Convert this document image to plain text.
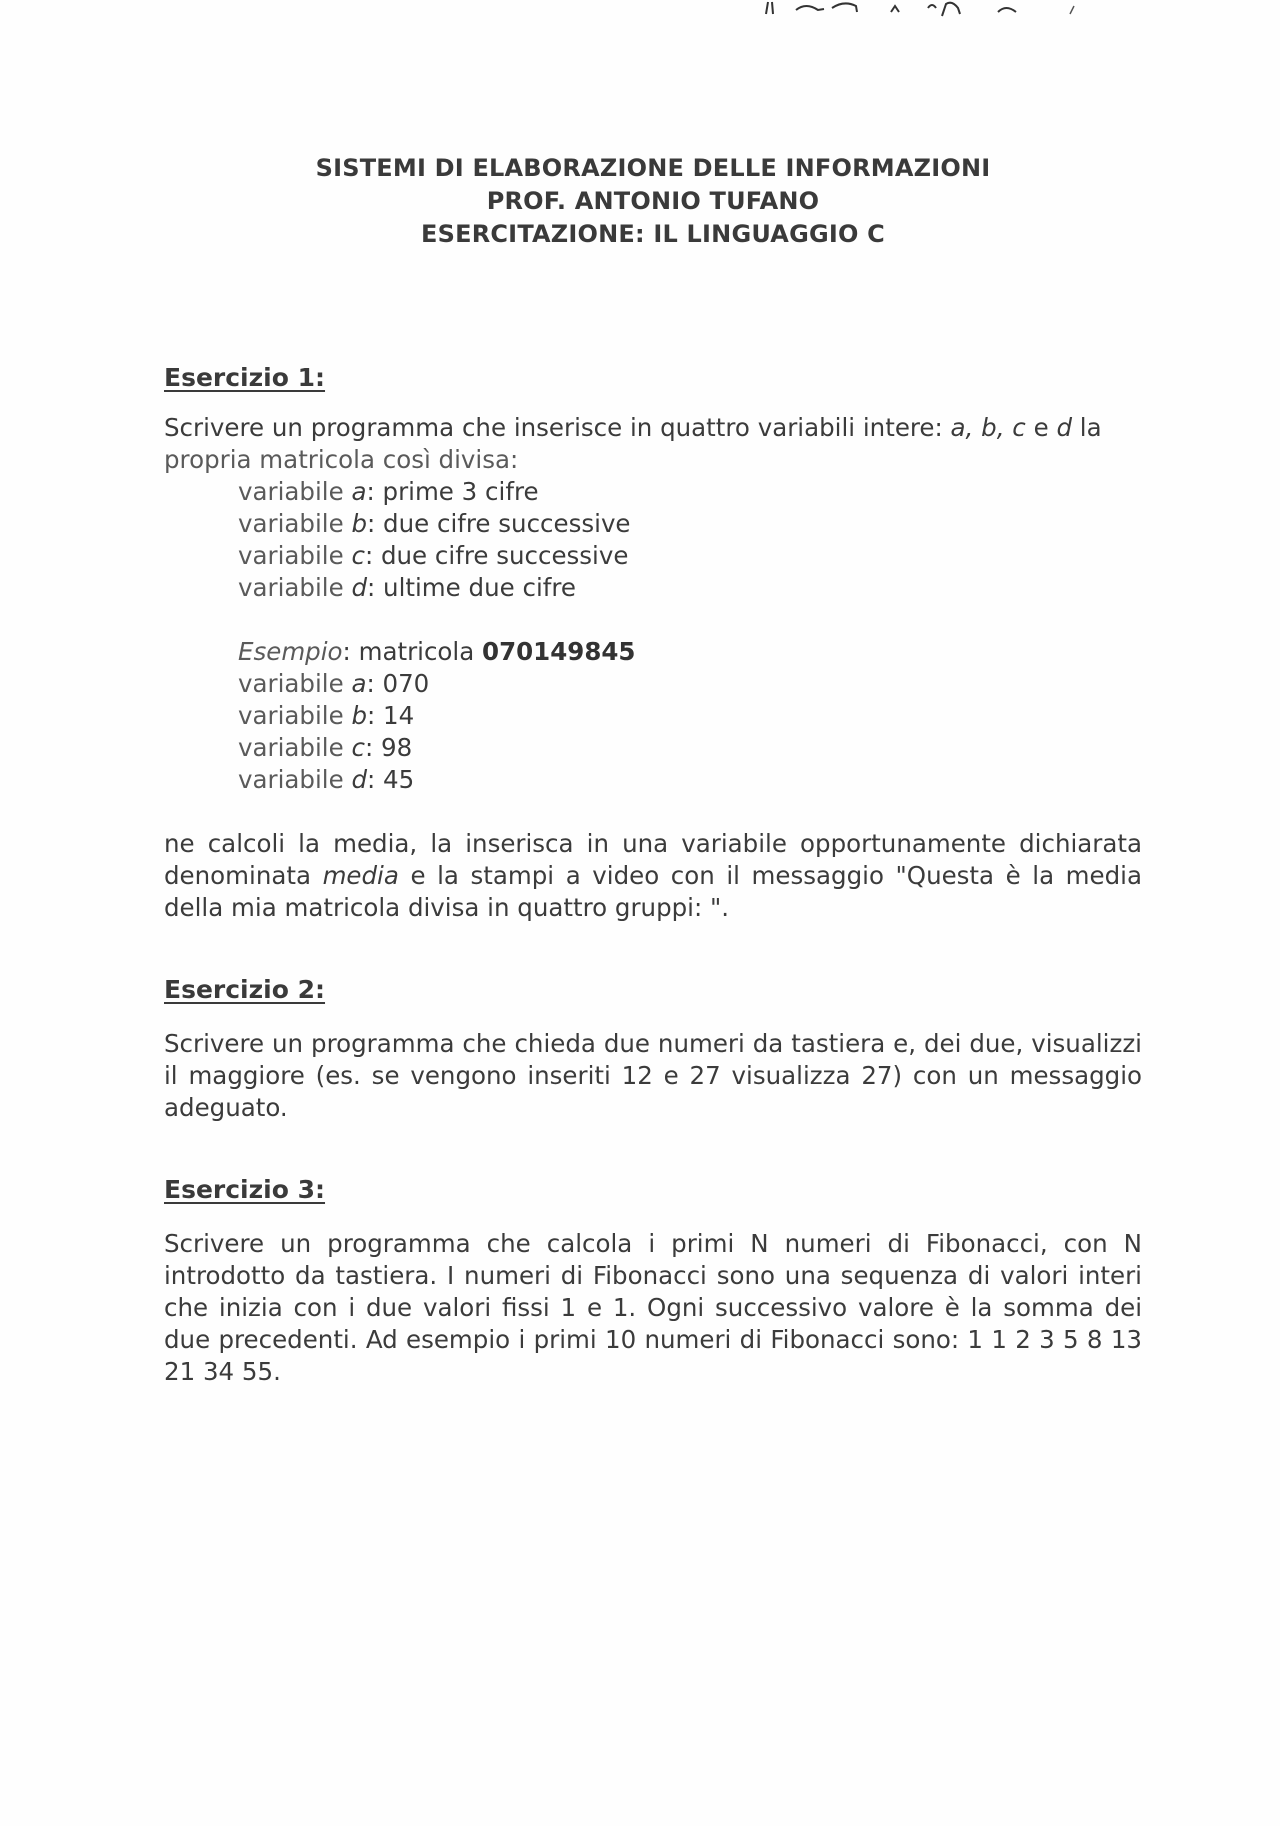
SISTEMI DI ELABORAZIONE DELLE INFORMAZIONI
PROF. ANTONIO TUFANO
ESERCITAZIONE: IL LINGUAGGIO C

Esercizio 1:

Scrivere un programma che inserisce in quattro variabili intere: a, b, c e d la
propria matricola così divisa:

variabile a: prime 3 cifre
variabile b: due cifre successive
variabile c: due cifre successive
variabile d: ultime due cifre
Esempio: matricola 070149845
variabile a: 070
variabile b: 14
variabile c: 98
variabile d: 45

ne calcoli la media, la inserisca in una variabile opportunamente dichiarata denominata media e la stampi a video con il messaggio "Questa è la media della mia matricola divisa in quattro gruppi: ".

Esercizio 2:

Scrivere un programma che chieda due numeri da tastiera e, dei due, visualizzi il maggiore (es. se vengono inseriti 12 e 27 visualizza 27) con un messaggio adeguato.

Esercizio 3:

Scrivere un programma che calcola i primi N numeri di Fibonacci, con N introdotto da tastiera. I numeri di Fibonacci sono una sequenza di valori interi che inizia con i due valori fissi 1 e 1. Ogni successivo valore è la somma dei due precedenti. Ad esempio i primi 10 numeri di Fibonacci sono: 1 1 2 3 5 8 13 21 34 55.
